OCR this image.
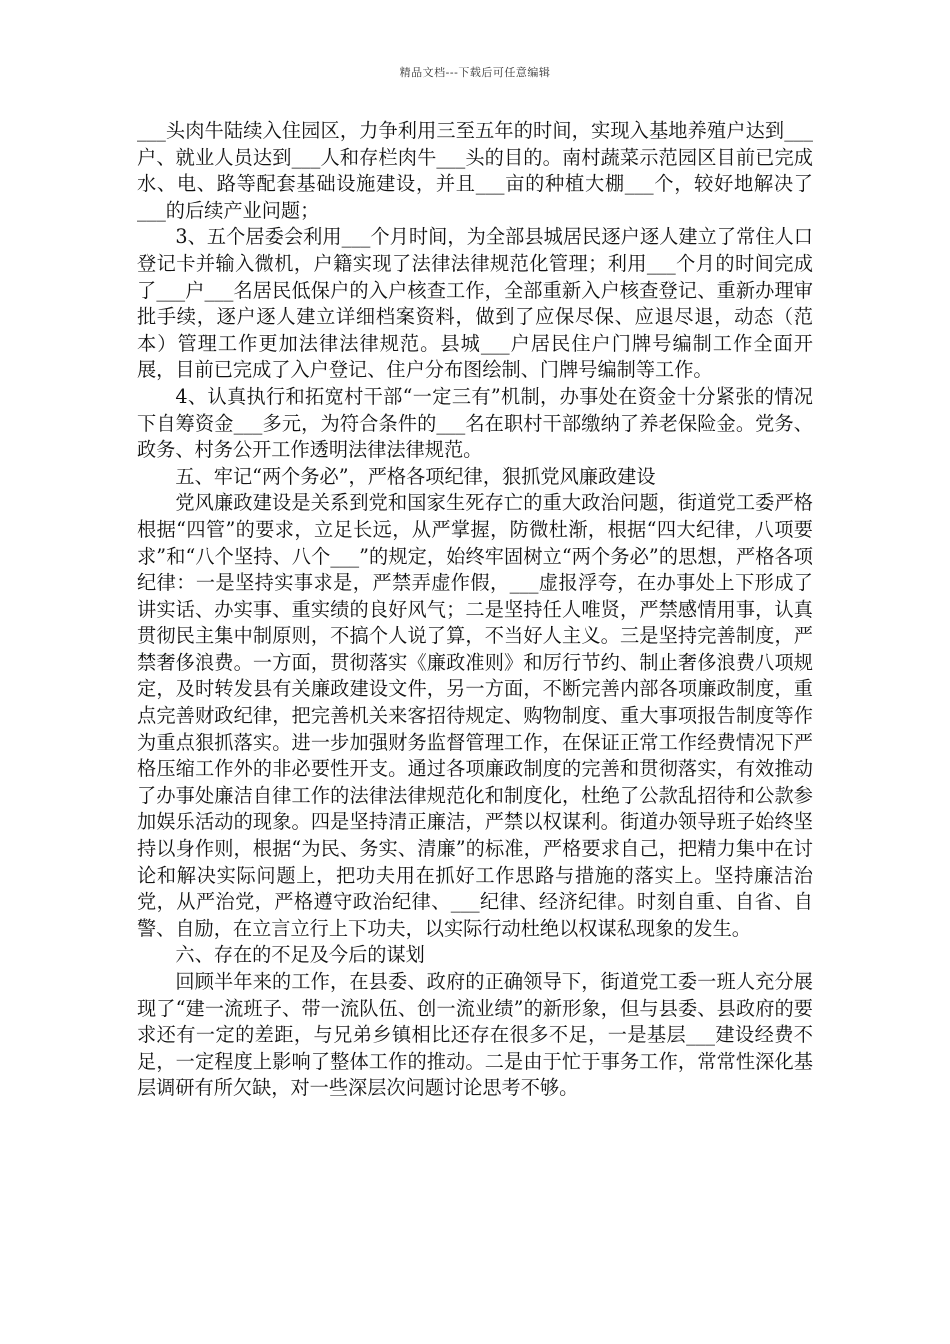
精品文档---下载后可任意编辑

___头肉牛陆续入住园区，力争利用三至五年的时间，实现入基地养殖户达到___户、就业人员达到___人和存栏肉牛___头的目的。南村蔬菜示范园区目前已完成水、电、路等配套基础设施建设，并且___亩的种植大棚___个，较好地解决了___的后续产业问题；

3、五个居委会利用___个月时间，为全部县城居民逐户逐人建立了常住人口登记卡并输入微机，户籍实现了法律法律规范化管理；利用___个月的时间完成了___户___名居民低保户的入户核查工作，全部重新入户核查登记、重新办理审批手续，逐户逐人建立详细档案资料，做到了应保尽保、应退尽退，动态（范本）管理工作更加法律法律规范。县城___户居民住户门牌号编制工作全面开展，目前已完成了入户登记、住户分布图绘制、门牌号编制等工作。

4、认真执行和拓宽村干部“一定三有”机制，办事处在资金十分紧张的情况下自筹资金___多元，为符合条件的___名在职村干部缴纳了养老保险金。党务、政务、村务公开工作透明法律法律规范。

五、牢记“两个务必”，严格各项纪律，狠抓党风廉政建设

党风廉政建设是关系到党和国家生死存亡的重大政治问题，街道党工委严格根据“四管”的要求，立足长远，从严掌握，防微杜渐，根据“四大纪律，八项要求”和“八个坚持、八个___”的规定，始终牢固树立“两个务必”的思想，严格各项纪律：一是坚持实事求是，严禁弄虚作假，___虚报浮夸，在办事处上下形成了讲实话、办实事、重实绩的良好风气；二是坚持任人唯贤，严禁感情用事，认真贯彻民主集中制原则，不搞个人说了算，不当好人主义。三是坚持完善制度，严禁奢侈浪费。一方面，贯彻落实《廉政准则》和厉行节约、制止奢侈浪费八项规定，及时转发县有关廉政建设文件，另一方面，不断完善内部各项廉政制度，重点完善财政纪律，把完善机关来客招待规定、购物制度、重大事项报告制度等作为重点狠抓落实。进一步加强财务监督管理工作，在保证正常工作经费情况下严格压缩工作外的非必要性开支。通过各项廉政制度的完善和贯彻落实，有效推动了办事处廉洁自律工作的法律法律规范化和制度化，杜绝了公款乱招待和公款参加娱乐活动的现象。四是坚持清正廉洁，严禁以权谋利。街道办领导班子始终坚持以身作则，根据“为民、务实、清廉”的标准，严格要求自己，把精力集中在讨论和解决实际问题上，把功夫用在抓好工作思路与措施的落实上。坚持廉洁治党，从严治党，严格遵守政治纪律、___纪律、经济纪律。时刻自重、自省、自警、自励，在立言立行上下功夫，以实际行动杜绝以权谋私现象的发生。

六、存在的不足及今后的谋划

回顾半年来的工作，在县委、政府的正确领导下，街道党工委一班人充分展现了“建一流班子、带一流队伍、创一流业绩”的新形象，但与县委、县政府的要求还有一定的差距，与兄弟乡镇相比还存在很多不足，一是基层___建设经费不足，一定程度上影响了整体工作的推动。二是由于忙于事务工作，常常性深化基层调研有所欠缺，对一些深层次问题讨论思考不够。
